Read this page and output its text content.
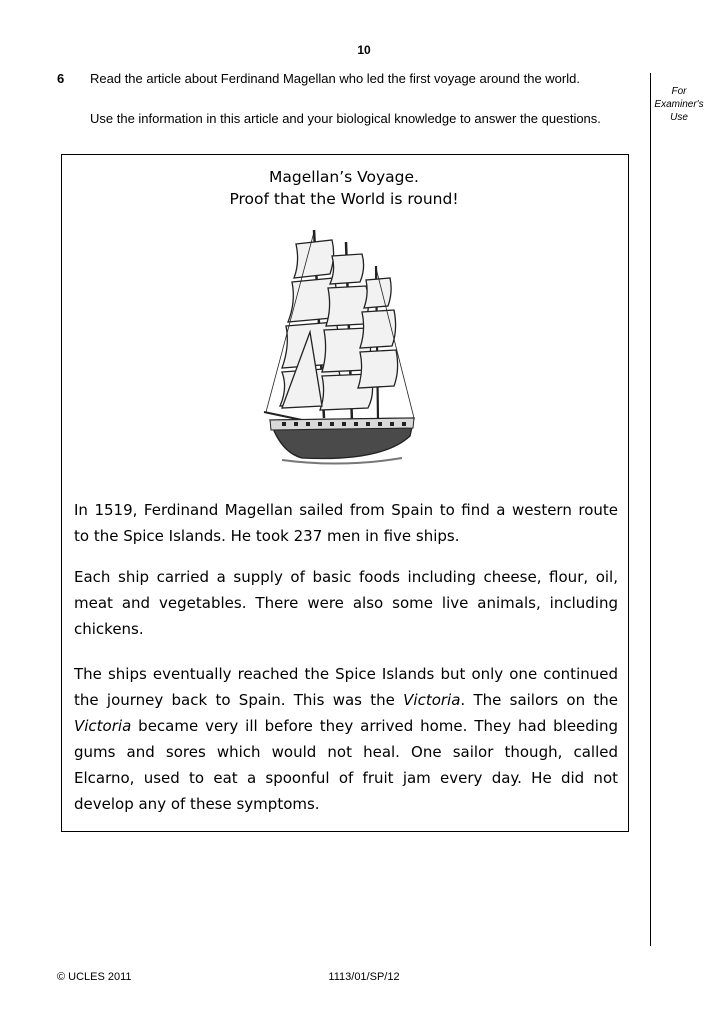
10
6 Read the article about Ferdinand Magellan who led the first voyage around the world.
Use the information in this article and your biological knowledge to answer the questions.
For
Examiner's
Use
Magellan’s Voyage.
Proof that the World is round!

In 1519, Ferdinand Magellan sailed from Spain to find a western route to the Spice Islands. He took 237 men in five ships.

Each ship carried a supply of basic foods including cheese, flour, oil, meat and vegetables. There were also some live animals, including chickens.

The ships eventually reached the Spice Islands but only one continued the journey back to Spain. This was the Victoria. The sailors on the Victoria became very ill before they arrived home. They had bleeding gums and sores which would not heal. One sailor though, called Elcarno, used to eat a spoonful of fruit jam every day. He did not develop any of these symptoms.

© UCLES 2011	1113/01/SP/12
